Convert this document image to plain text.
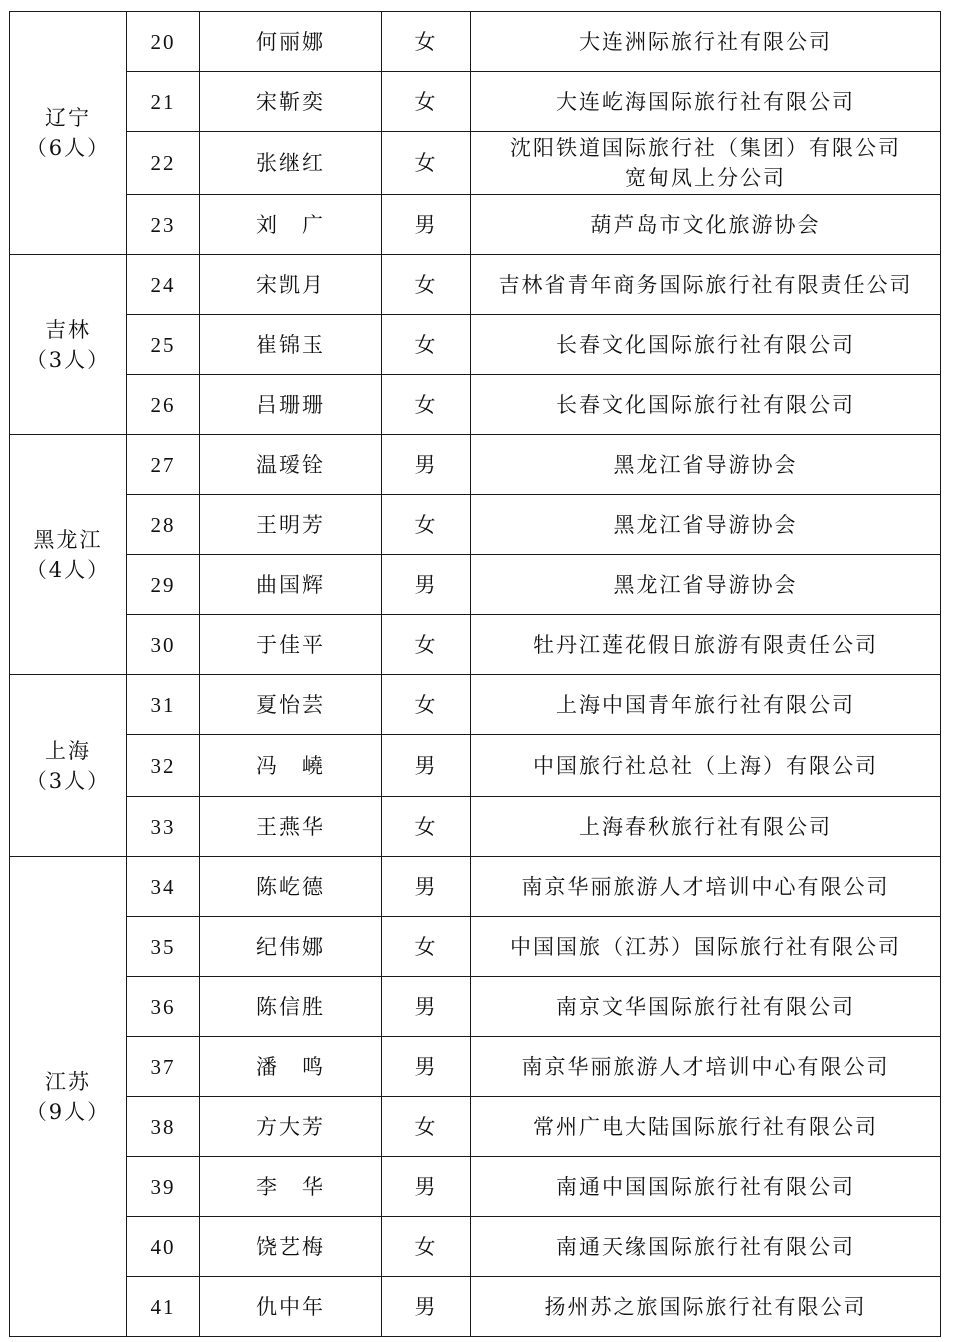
辽宁
（6人）	20	何丽娜	女	大连洲际旅行社有限公司

	21	宋靳奕	女	大连屹海国际旅行社有限公司

	22	张继红	女	沈阳铁道国际旅行社（集团）有限公司
宽甸凤上分公司

	23	刘　广	男	葫芦岛市文化旅游协会

吉林
（3人）	24	宋凯月	女	吉林省青年商务国际旅行社有限责任公司

	25	崔锦玉	女	长春文化国际旅行社有限公司

	26	吕珊珊	女	长春文化国际旅行社有限公司

黑龙江
（4人）	27	温瑷铨	男	黑龙江省导游协会

	28	王明芳	女	黑龙江省导游协会

	29	曲国辉	男	黑龙江省导游协会

	30	于佳平	女	牡丹江莲花假日旅游有限责任公司

上海
（3人）	31	夏怡芸	女	上海中国青年旅行社有限公司

	32	冯　嶢	男	中国旅行社总社（上海）有限公司

	33	王燕华	女	上海春秋旅行社有限公司

江苏
（9人）	34	陈屹德	男	南京华丽旅游人才培训中心有限公司

	35	纪伟娜	女	中国国旅（江苏）国际旅行社有限公司

	36	陈信胜	男	南京文华国际旅行社有限公司

	37	潘　鸣	男	南京华丽旅游人才培训中心有限公司

	38	方大芳	女	常州广电大陆国际旅行社有限公司

	39	李　华	男	南通中国国际旅行社有限公司

	40	饶艺梅	女	南通天缘国际旅行社有限公司

	41	仇中年	男	扬州苏之旅国际旅行社有限公司
